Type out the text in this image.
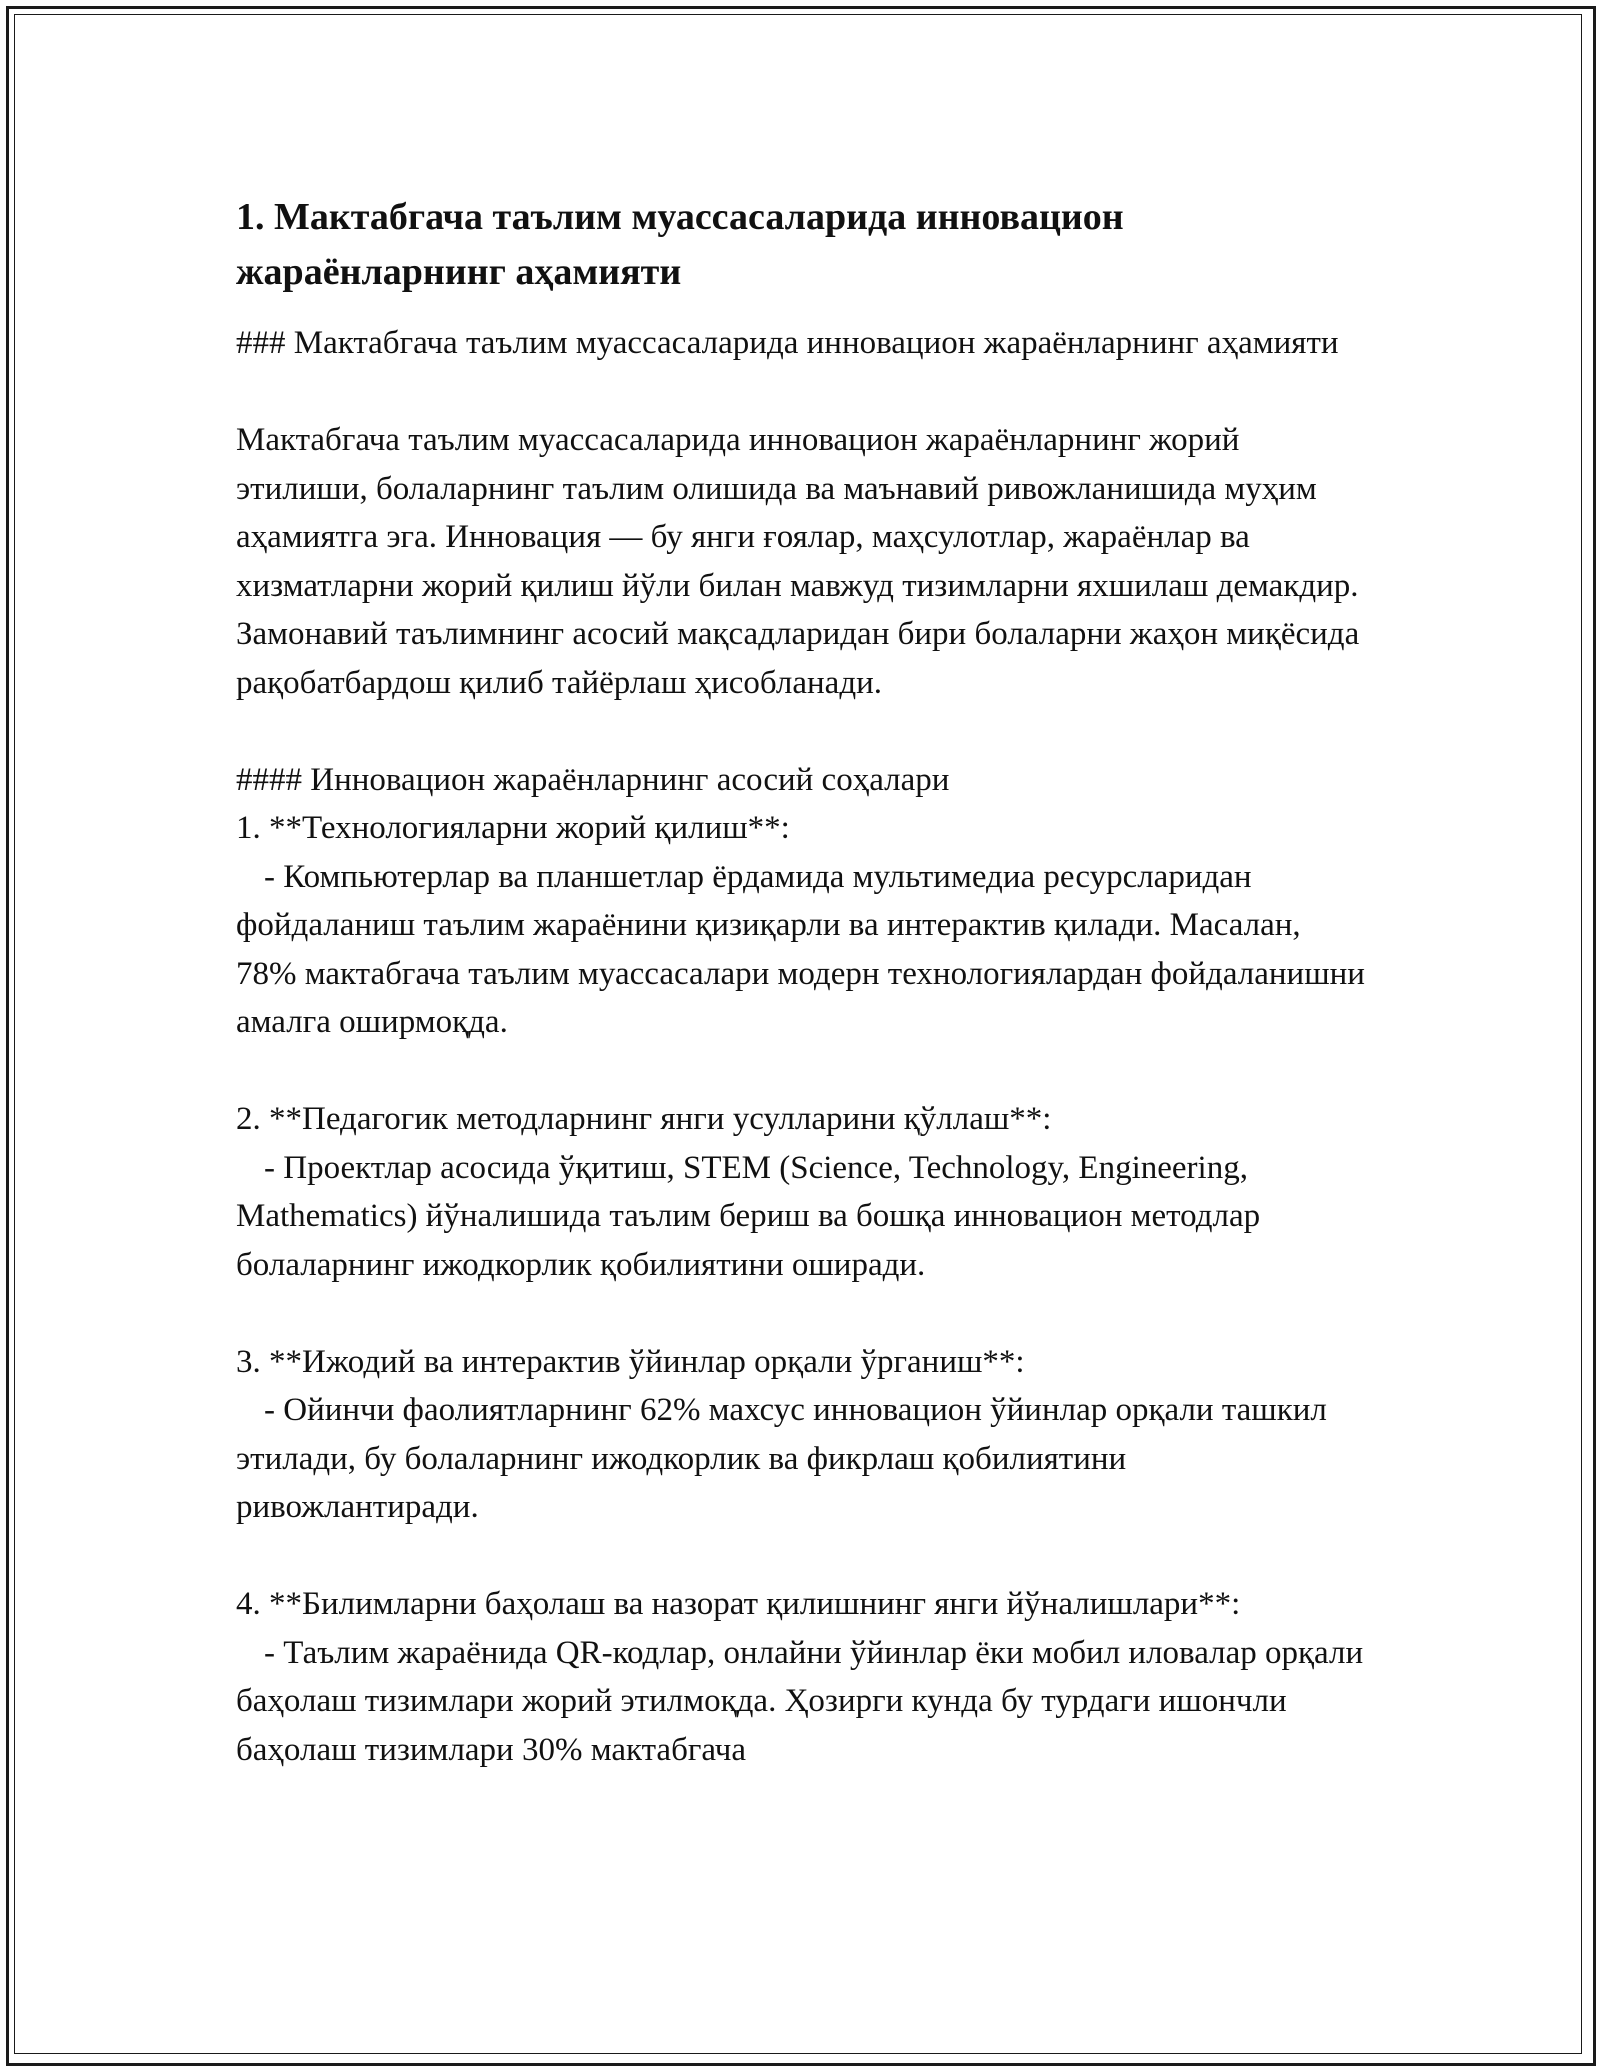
1. Мактабгача таълим муассасаларида инновацион жараёнларнинг аҳамияти

### Мактабгача таълим муассасаларида инновацион жараёнларнинг аҳамияти

Мактабгача таълим муассасаларида инновацион жараёнларнинг жорий этилиши, болаларнинг таълим олишида ва маънавий ривожланишида муҳим аҳамиятга эга. Инновация — бу янги ғоялар, маҳсулотлар, жараёнлар ва хизматларни жорий қилиш йўли билан мавжуд тизимларни яхшилаш демакдир. Замонавий таълимнинг асосий мақсадларидан бири болаларни жаҳон миқёсида рақобатбардош қилиб тайёрлаш ҳисобланади.

#### Инновацион жараёнларнинг асосий соҳалари

1. **Технологияларни жорий қилиш**:

- Компьютерлар ва планшетлар ёрдамида мультимедиа ресурсларидан фойдаланиш таълим жараёнини қизиқарли ва интерактив қилади. Масалан, 78% мактабгача таълим муассасалари модерн технологиялардан фойдаланишни амалга оширмоқда.

2. **Педагогик методларнинг янги усулларини қўллаш**:

- Проектлар асосида ўқитиш, STEM (Science, Technology, Engineering, Mathematics) йўналишида таълим бериш ва бошқа инновацион методлар болаларнинг ижодкорлик қобилиятини оширади.

3. **Ижодий ва интерактив ўйинлар орқали ўрганиш**:

- Ойинчи фаолиятларнинг 62% махсус инновацион ўйинлар орқали ташкил этилади, бу болаларнинг ижодкорлик ва фикрлаш қобилиятини ривожлантиради.

4. **Билимларни баҳолаш ва назорат қилишнинг янги йўналишлари**:

- Таълим жараёнида QR-кодлар, онлайни ўйинлар ёки мобил иловалар орқали баҳолаш тизимлари жорий этилмоқда. Ҳозирги кунда бу турдаги ишончли баҳолаш тизимлари 30% мактабгача
